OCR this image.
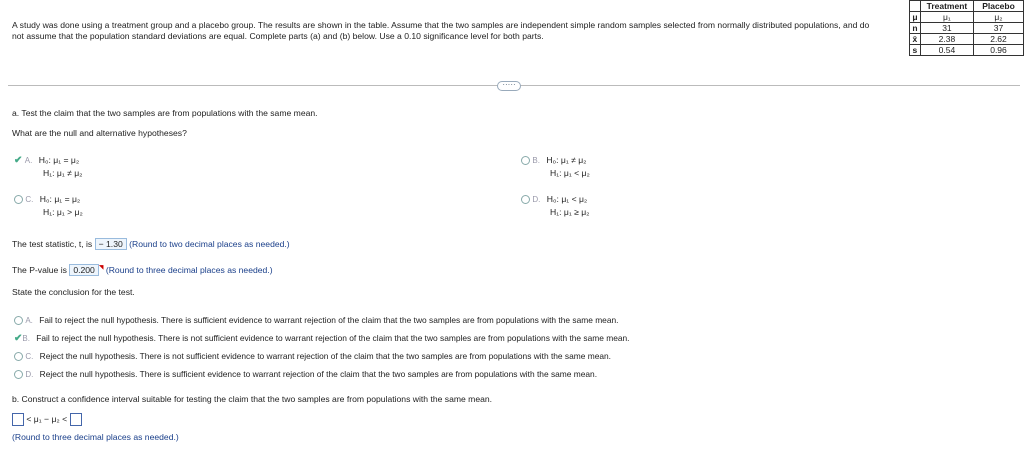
A study was done using a treatment group and a placebo group. The results are shown in the table. Assume that the two samples are independent simple random samples selected from normally distributed populations, and do not assume that the population standard deviations are equal. Complete parts (a) and (b) below. Use a 0.10 significance level for both parts.
	Treatment	Placebo
μ	μ₁	μ₂
n	31	37
x̄	2.38	2.62
s	0.54	0.96
·····
a. Test the claim that the two samples are from populations with the same mean.
What are the null and alternative hypotheses?
✔ A. H₀: μ₁ = μ₂
H₁: μ₁ ≠ μ₂
B. H₀: μ₁ ≠ μ₂
H₁: μ₁ < μ₂
C. H₀: μ₁ = μ₂
H₁: μ₁ > μ₂
D. H₀: μ₁ < μ₂
H₁: μ₁ ≥ μ₂
The test statistic, t, is − 1.30 (Round to two decimal places as needed.)
The P-value is 0.200 ◥ (Round to three decimal places as needed.)
State the conclusion for the test.
A. Fail to reject the null hypothesis. There is sufficient evidence to warrant rejection of the claim that the two samples are from populations with the same mean.
✔B. Fail to reject the null hypothesis. There is not sufficient evidence to warrant rejection of the claim that the two samples are from populations with the same mean.
C. Reject the null hypothesis. There is not sufficient evidence to warrant rejection of the claim that the two samples are from populations with the same mean.
D. Reject the null hypothesis. There is sufficient evidence to warrant rejection of the claim that the two samples are from populations with the same mean.
b. Construct a confidence interval suitable for testing the claim that the two samples are from populations with the same mean.
< μ₁ − μ₂ <
(Round to three decimal places as needed.)
